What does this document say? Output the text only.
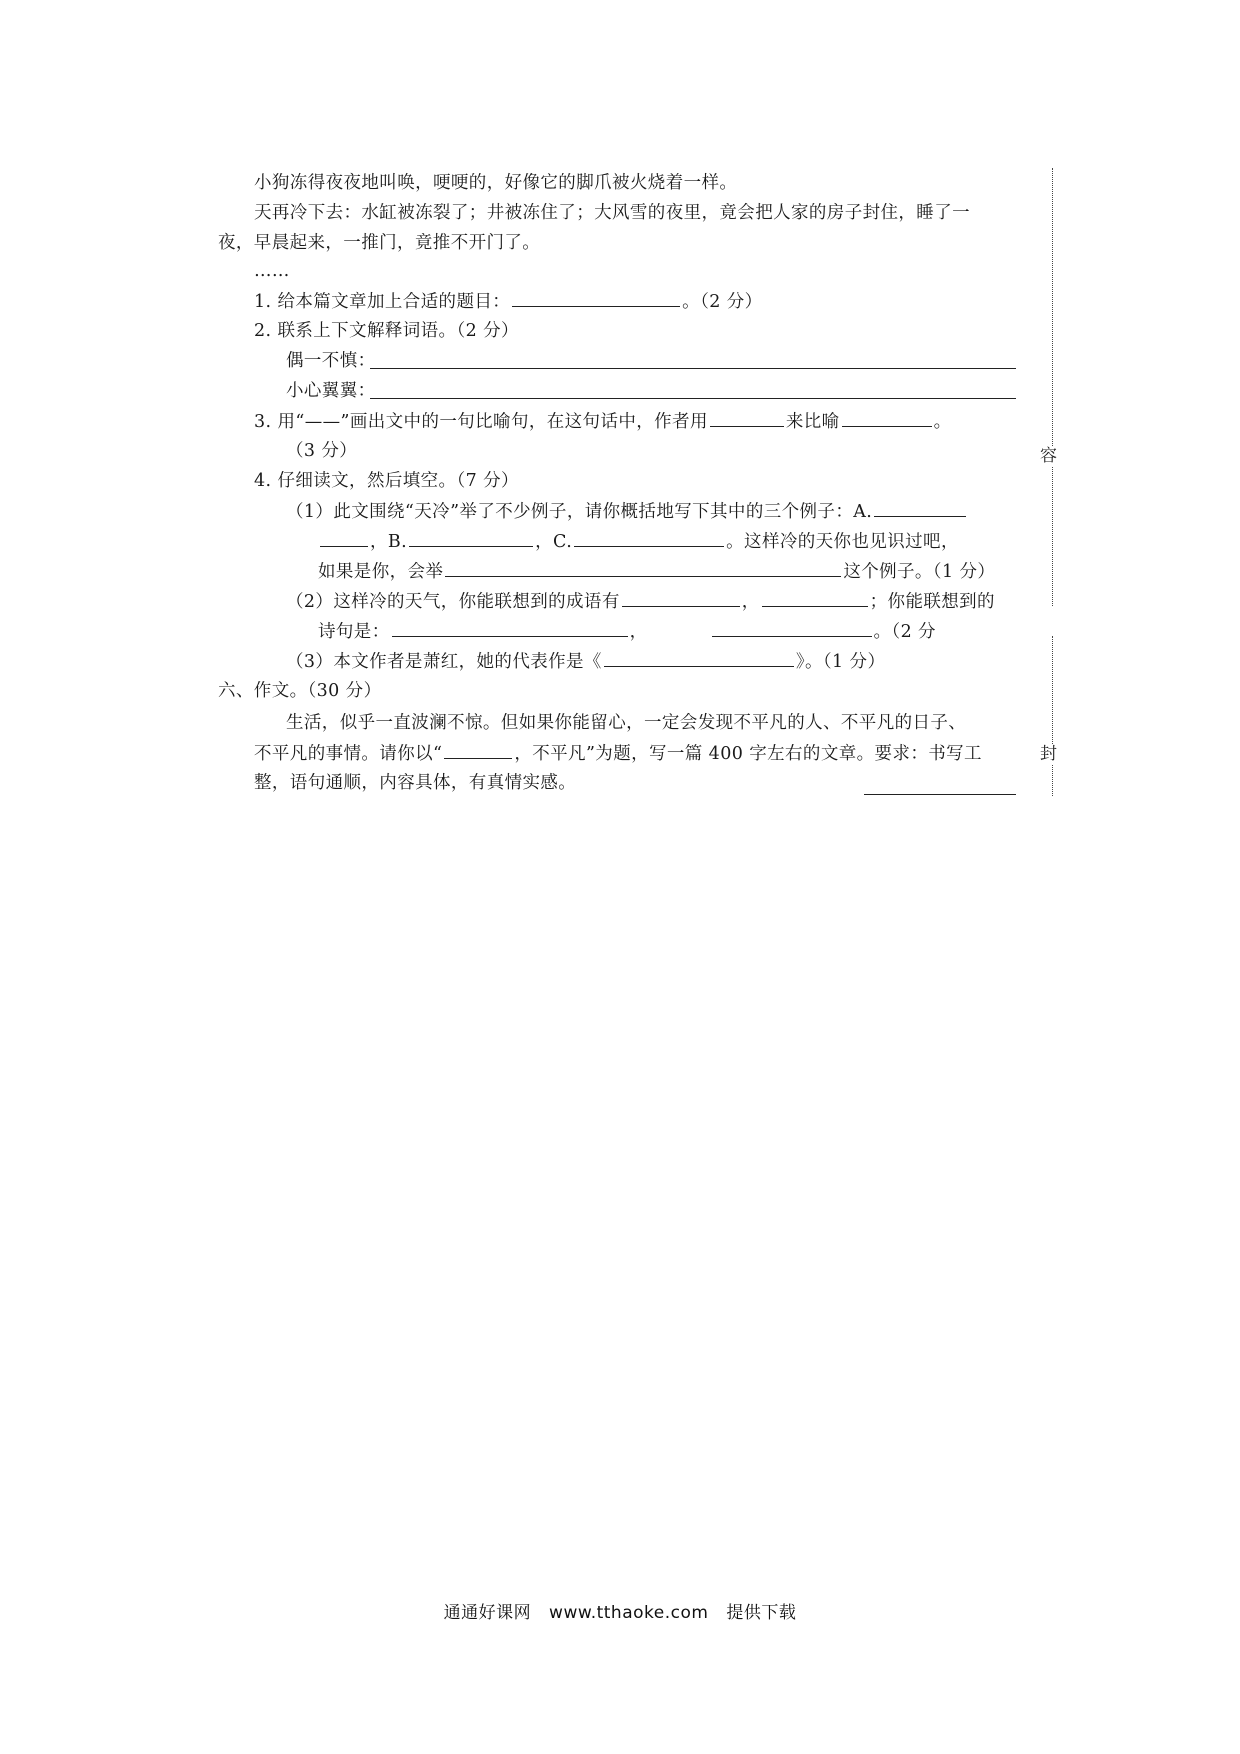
小狗冻得夜夜地叫唤，哽哽的，好像它的脚爪被火烧着一样。
天再冷下去：水缸被冻裂了；井被冻住了；大风雪的夜里，竟会把人家的房子封住，睡了一
夜，早晨起来，一推门，竟推不开门了。
……
1. 给本篇文章加上合适的题目：	。（2 分）
2. 联系上下文解释词语。（2 分）
偶一不慎：
小心翼翼：
3. 用“——”画出文中的一句比喻句，在这句话中，作者用	来比喻	。
（3 分）
4. 仔细读文，然后填空。（7 分）
（1）此文围绕“天冷”举了不少例子，请你概括地写下其中的三个例子：A.
，B.	，C.	。这样冷的天你也见识过吧，
如果是你，会举	这个例子。（1 分）
（2）这样冷的天气，你能联想到的成语有	，	；你能联想到的
诗句是：	，	。（2 分
（3）本文作者是萧红，她的代表作是《	》。（1 分）
六、作文。（30 分）
生活，似乎一直波澜不惊。但如果你能留心，一定会发现不平凡的人、不平凡的日子、
不平凡的事情。请你以“	，不平凡”为题，写一篇 400 字左右的文章。要求：书写工
整，语句通顺，内容具体，有真情实感。
容
封
通通好课网 www.tthaoke.com 提供下载
